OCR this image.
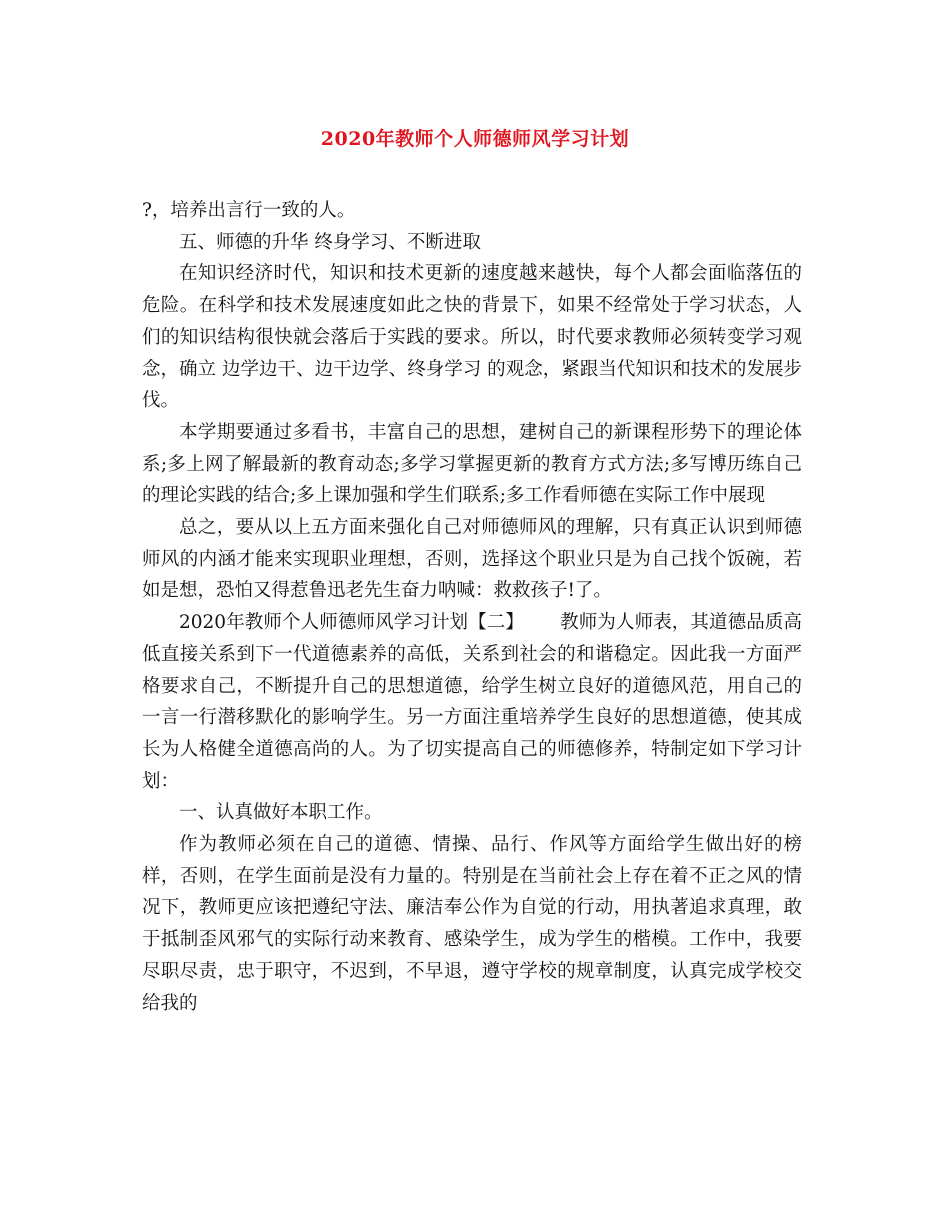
2020年教师个人师德师风学习计划

?，培养出言行一致的人。

五、师德的升华 终身学习、不断进取

在知识经济时代，知识和技术更新的速度越来越快，每个人都会面临落伍的危险。在科学和技术发展速度如此之快的背景下，如果不经常处于学习状态，人们的知识结构很快就会落后于实践的要求。所以，时代要求教师必须转变学习观念，确立 边学边干、边干边学、终身学习 的观念，紧跟当代知识和技术的发展步伐。

本学期要通过多看书，丰富自己的思想，建树自己的新课程形势下的理论体系;多上网了解最新的教育动态;多学习掌握更新的教育方式方法;多写博历练自己的理论实践的结合;多上课加强和学生们联系;多工作看师德在实际工作中展现

总之，要从以上五方面来强化自己对师德师风的理解，只有真正认识到师德师风的内涵才能来实现职业理想，否则，选择这个职业只是为自己找个饭碗，若如是想，恐怕又得惹鲁迅老先生奋力呐喊：救救孩子!了。

2020年教师个人师德师风学习计划【二】 教师为人师表，其道德品质高低直接关系到下一代道德素养的高低，关系到社会的和谐稳定。因此我一方面严格要求自己，不断提升自己的思想道德，给学生树立良好的道德风范，用自己的一言一行潜移默化的影响学生。另一方面注重培养学生良好的思想道德，使其成长为人格健全道德高尚的人。为了切实提高自己的师德修养，特制定如下学习计划：

一、认真做好本职工作。

作为教师必须在自己的道德、情操、品行、作风等方面给学生做出好的榜样，否则，在学生面前是没有力量的。特别是在当前社会上存在着不正之风的情况下，教师更应该把遵纪守法、廉洁奉公作为自觉的行动，用执著追求真理，敢于抵制歪风邪气的实际行动来教育、感染学生，成为学生的楷模。工作中，我要尽职尽责，忠于职守，不迟到，不早退，遵守学校的规章制度，认真完成学校交给我的
